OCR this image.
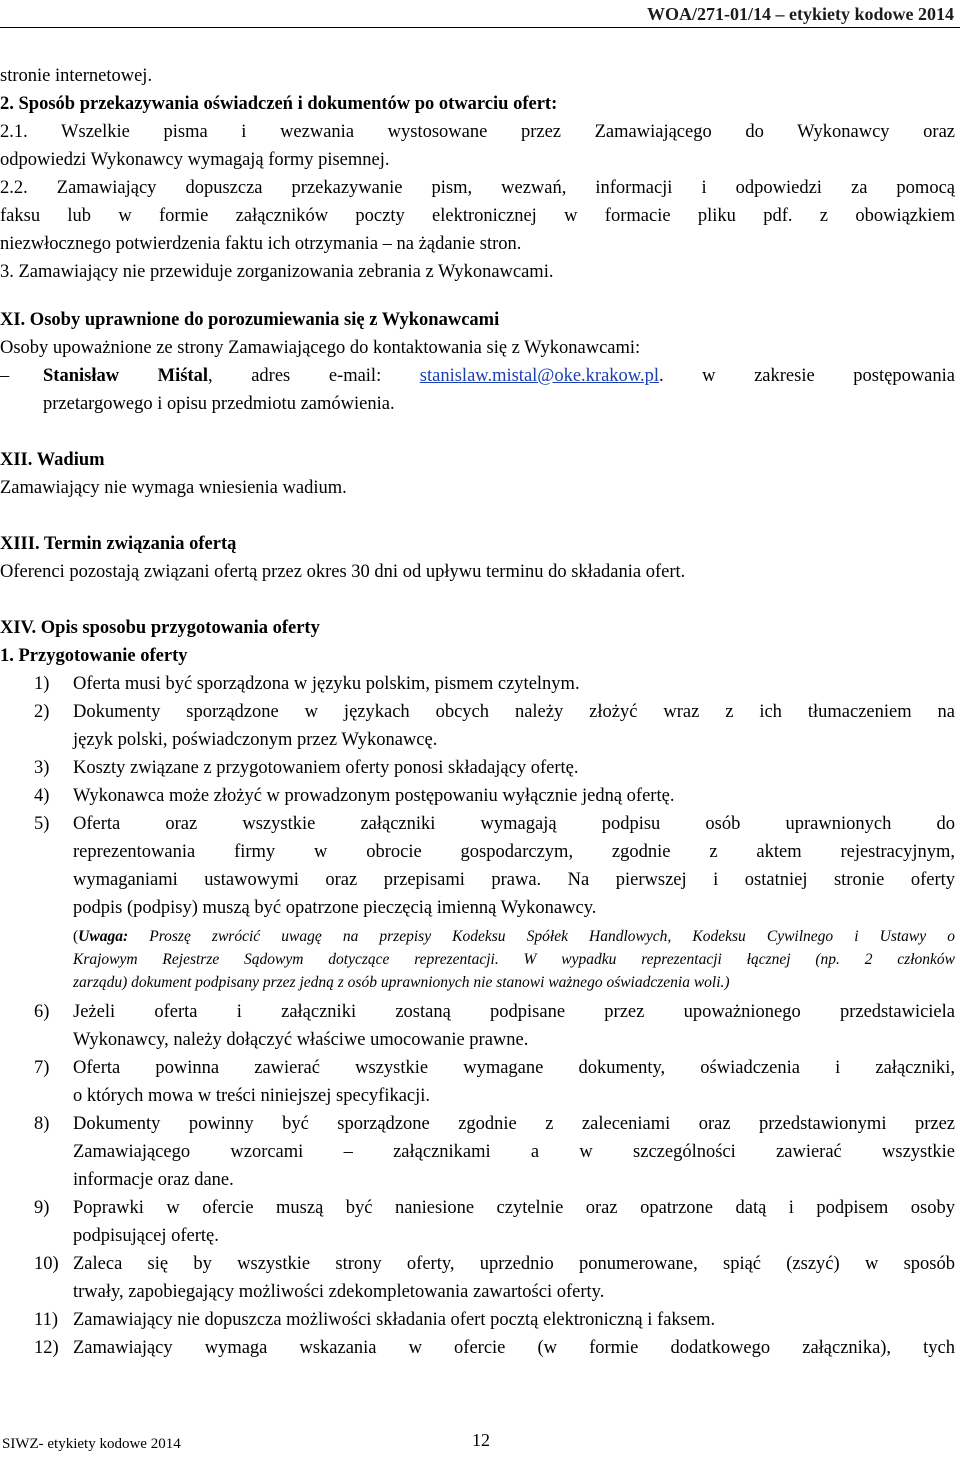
WOA/271-01/14 – etykiety kodowe 2014
stronie internetowej.
2. Sposób przekazywania oświadczeń i dokumentów po otwarciu ofert:
2.1. Wszelkie pisma i wezwania wystosowane przez Zamawiającego do Wykonawcy oraz
odpowiedzi Wykonawcy wymagają formy pisemnej.
2.2. Zamawiający dopuszcza przekazywanie pism, wezwań, informacji i odpowiedzi za pomocą
faksu lub w formie załączników poczty elektronicznej w formacie pliku pdf. z obowiązkiem
niezwłocznego potwierdzenia faktu ich otrzymania – na żądanie stron.
3. Zamawiający nie przewiduje zorganizowania zebrania z Wykonawcami.
XI. Osoby uprawnione do porozumiewania się z Wykonawcami
Osoby upoważnione ze strony Zamawiającego do kontaktowania się z Wykonawcami:
– Stanisław Miśtal, adres e-mail: stanislaw.mistal@oke.krakow.pl. w zakresie postępowania
przetargowego i opisu przedmiotu zamówienia.
XII. Wadium
Zamawiający nie wymaga wniesienia wadium.
XIII. Termin związania ofertą
Oferenci pozostają związani ofertą przez okres 30 dni od upływu terminu do składania ofert.
XIV. Opis sposobu przygotowania oferty
1. Przygotowanie oferty
1) Oferta musi być sporządzona w języku polskim, pismem czytelnym.
2) Dokumenty sporządzone w językach obcych należy złożyć wraz z ich tłumaczeniem na
język polski, poświadczonym przez Wykonawcę.
3) Koszty związane z przygotowaniem oferty ponosi składający ofertę.
4) Wykonawca może złożyć w prowadzonym postępowaniu wyłącznie jedną ofertę.
5) Oferta oraz wszystkie załączniki wymagają podpisu osób uprawnionych do
reprezentowania firmy w obrocie gospodarczym, zgodnie z aktem rejestracyjnym,
wymaganiami ustawowymi oraz przepisami prawa. Na pierwszej i ostatniej stronie oferty
podpis (podpisy) muszą być opatrzone pieczęcią imienną Wykonawcy.
(Uwaga: Proszę zwrócić uwagę na przepisy Kodeksu Spółek Handlowych, Kodeksu Cywilnego i Ustawy o
Krajowym Rejestrze Sądowym dotyczące reprezentacji. W wypadku reprezentacji łącznej (np. 2 członków
zarządu) dokument podpisany przez jedną z osób uprawnionych nie stanowi ważnego oświadczenia woli.)
6) Jeżeli oferta i załączniki zostaną podpisane przez upoważnionego przedstawiciela
Wykonawcy, należy dołączyć właściwe umocowanie prawne.
7) Oferta powinna zawierać wszystkie wymagane dokumenty, oświadczenia i załączniki,
o których mowa w treści niniejszej specyfikacji.
8) Dokumenty powinny być sporządzone zgodnie z zaleceniami oraz przedstawionymi przez
Zamawiającego wzorcami – załącznikami a w szczególności zawierać wszystkie
informacje oraz dane.
9) Poprawki w ofercie muszą być naniesione czytelnie oraz opatrzone datą i podpisem osoby
podpisującej ofertę.
10) Zaleca się by wszystkie strony oferty, uprzednio ponumerowane, spiąć (zszyć) w sposób
trwały, zapobiegający możliwości zdekompletowania zawartości oferty.
11) Zamawiający nie dopuszcza możliwości składania ofert pocztą elektroniczną i faksem.
12) Zamawiający wymaga wskazania w ofercie (w formie dodatkowego załącznika), tych
SIWZ- etykiety kodowe 2014	12
